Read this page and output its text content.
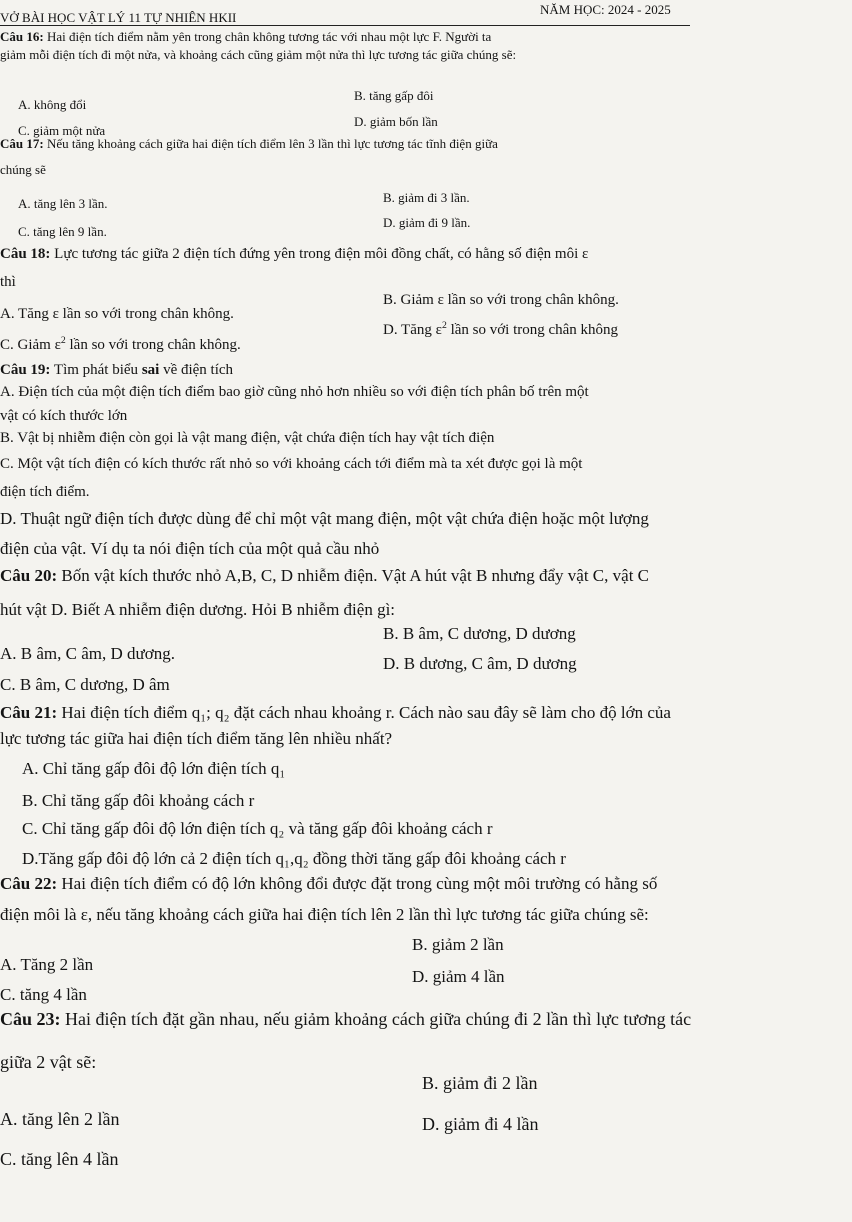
VỞ BÀI HỌC VẬT LÝ 11 TỰ NHIÊN HKII
NĂM HỌC: 2024 - 2025
Câu 16: Hai điện tích điểm nằm yên trong chân không tương tác với nhau một lực F. Người ta
giảm mỗi điện tích đi một nửa, và khoảng cách cũng giảm một nửa thì lực tương tác giữa chúng sẽ:
A. không đổi
B. tăng gấp đôi
C. giảm một nửa
D. giảm bốn lần
Câu 17: Nếu tăng khoảng cách giữa hai điện tích điểm lên 3 lần thì lực tương tác tĩnh điện giữa
chúng sẽ
A. tăng lên 3 lần.	B. giảm đi 3 lần.
C. tăng lên 9 lần.
D. giảm đi 9 lần.
Câu 18: Lực tương tác giữa 2 điện tích đứng yên trong điện môi đồng chất, có hằng số điện môi ε
thì
A. Tăng ε lần so với trong chân không.
B. Giảm ε lần so với trong chân không.
C. Giảm $\varepsilon^2$ lần so với trong chân không.
D. Tăng $\varepsilon^2$ lần so với trong chân không
Câu 19: Tìm phát biểu sai về điện tích
A. Điện tích của một điện tích điểm bao giờ cũng nhỏ hơn nhiều so với điện tích phân bố trên một
vật có kích thước lớn
B. Vật bị nhiễm điện còn gọi là vật mang điện, vật chứa điện tích hay vật tích điện
C. Một vật tích điện có kích thước rất nhỏ so với khoảng cách tới điểm mà ta xét được gọi là một
điện tích điểm.
D. Thuật ngữ điện tích được dùng để chỉ một vật mang điện, một vật chứa điện hoặc một lượng
điện của vật. Ví dụ ta nói điện tích của một quả cầu nhỏ
Câu 20: Bốn vật kích thước nhỏ A,B, C, D nhiễm điện. Vật A hút vật B nhưng đẩy vật C, vật C
hút vật D. Biết A nhiễm điện dương. Hỏi B nhiễm điện gì:
A. B âm, C âm, D dương.
B. B âm, C dương, D dương
C. B âm, C dương, D âm
D. B dương, C âm, D dương
Câu 21: Hai điện tích điểm q₁; q₂ đặt cách nhau khoảng r. Cách nào sau đây sẽ làm cho độ lớn của
lực tương tác giữa hai điện tích điểm tăng lên nhiều nhất?
A. Chỉ tăng gấp đôi độ lớn điện tích q₁
B. Chỉ tăng gấp đôi khoảng cách r
C. Chỉ tăng gấp đôi độ lớn điện tích q₂ và tăng gấp đôi khoảng cách r
D.Tăng gấp đôi độ lớn cả 2 điện tích q₁,q₂ đồng thời tăng gấp đôi khoảng cách r
Câu 22: Hai điện tích điểm có độ lớn không đổi được đặt trong cùng một môi trường có hằng số
điện môi là ε, nếu tăng khoảng cách giữa hai điện tích lên 2 lần thì lực tương tác giữa chúng sẽ:
A. Tăng 2 lần
B. giảm 2 lần
C. tăng 4 lần
D. giảm 4 lần
Câu 23: Hai điện tích đặt gần nhau, nếu giảm khoảng cách giữa chúng đi 2 lần thì lực tương tác
giữa 2 vật sẽ:
A. tăng lên 2 lần
B. giảm đi 2 lần
C. tăng lên 4 lần
D. giảm đi 4 lần
